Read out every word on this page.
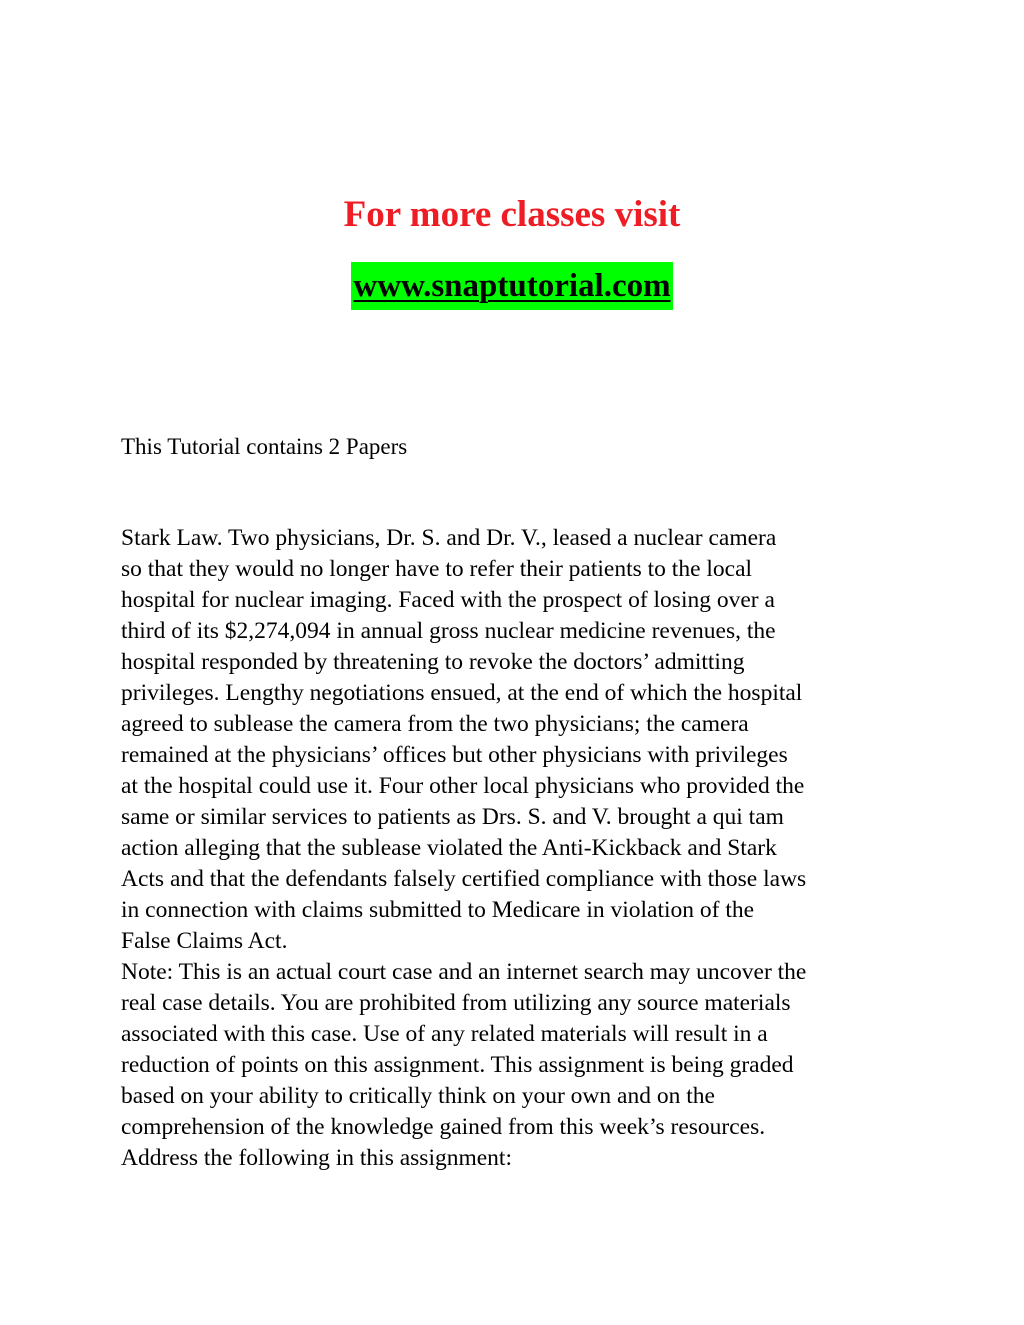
For more classes visit
www.snaptutorial.com
This Tutorial contains 2 Papers
Stark Law. Two physicians, Dr. S. and Dr. V., leased a nuclear camera
so that they would no longer have to refer their patients to the local
hospital for nuclear imaging. Faced with the prospect of losing over a
third of its $2,274,094 in annual gross nuclear medicine revenues, the
hospital responded by threatening to revoke the doctors’ admitting
privileges. Lengthy negotiations ensued, at the end of which the hospital
agreed to sublease the camera from the two physicians; the camera
remained at the physicians’ offices but other physicians with privileges
at the hospital could use it. Four other local physicians who provided the
same or similar services to patients as Drs. S. and V. brought a qui tam
action alleging that the sublease violated the Anti-Kickback and Stark
Acts and that the defendants falsely certified compliance with those laws
in connection with claims submitted to Medicare in violation of the
False Claims Act.
Note: This is an actual court case and an internet search may uncover the
real case details. You are prohibited from utilizing any source materials
associated with this case. Use of any related materials will result in a
reduction of points on this assignment. This assignment is being graded
based on your ability to critically think on your own and on the
comprehension of the knowledge gained from this week’s resources.
Address the following in this assignment:
